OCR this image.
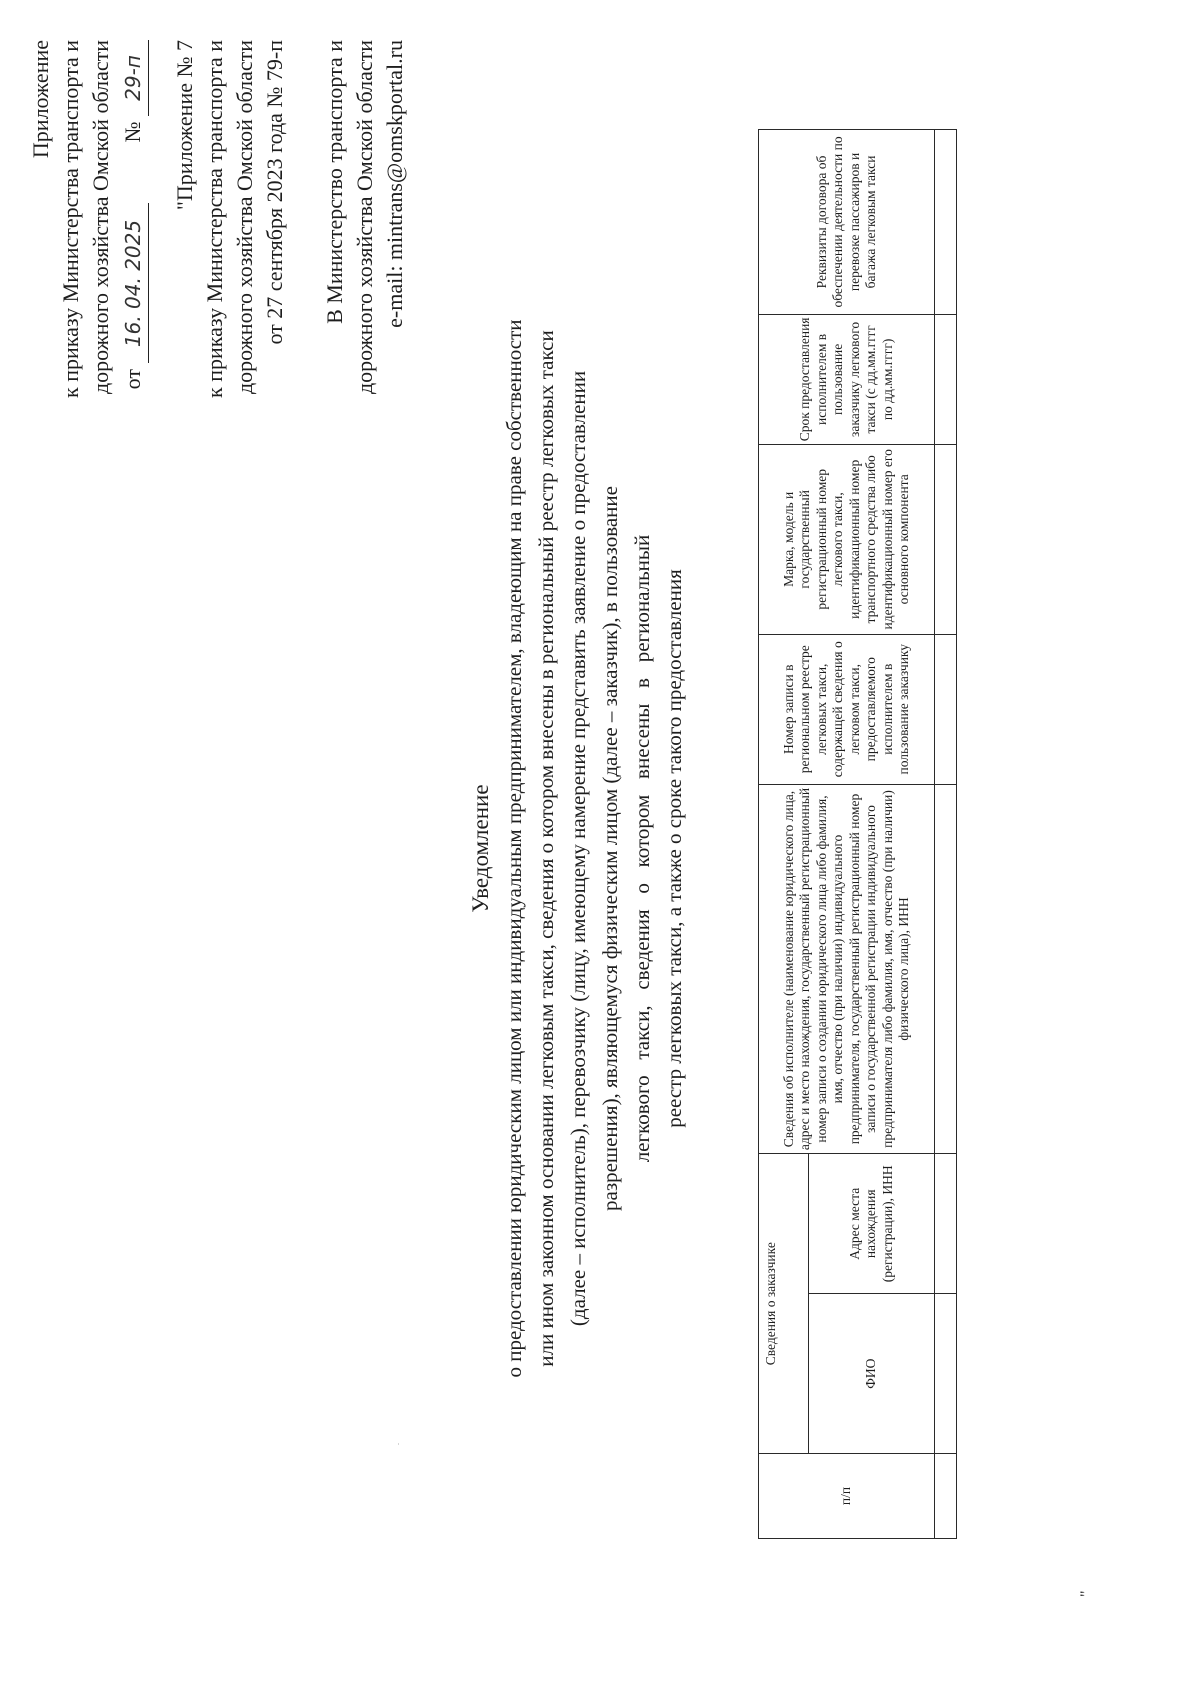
Приложение к приказу Министерства транспорта и дорожного хозяйства Омской области от 16. 04. 2025  № 29-п "Приложение № 7 к приказу Министерства транспорта и дорожного хозяйства Омской области от 27 сентября 2023 года № 79-п В Министерство транспорта и дорожного хозяйства Омской области e-mail: mintrans@omskportal.ru
Уведомление о предоставлении юридическим лицом или индивидуальным предпринимателем, владеющим на праве собственности или ином законном основании легковым такси, сведения о котором внесены в региональный реестр легковых такси (далее – исполнитель), перевозчику (лицу, имеющему намерение представить заявление о предоставлении разрешения), являющемуся физическим лицом (далее – заказчик), в пользование легкового   такси,   сведения   о   котором   внесены   в   региональный реестр легковых такси, а также о сроке такого предоставления
п/п	Сведения о заказчике		Сведения об исполнителе (наименование юридического лица, адрес и место нахождения, государственный регистрационный номер записи о создании юридического лица либо фамилия, имя, отчество (при наличии) индивидуального предпринимателя, государственный регистрационный номер записи о государственной регистрации индивидуального предпринимателя либо фамилия, имя, отчество (при наличии) физического лица), ИНН	Номер записи в региональном реестре легковых такси, содержащей сведения о легковом такси, предоставляемого исполнителем в пользование заказчику	Марка, модель и государственный регистрационный номер легкового такси, идентификационный номер транспортного средства либо идентификационный номер его основного компонента	Срок предоставления исполнителем в пользование заказчику легкового такси (с дд.мм.гггг по дд.мм.гггг)	Реквизиты договора об обеспечении деятельности по перевозке пассажиров и багажа легковым такси
	ФИО	Адрес места нахождения (регистрации), ИНН					

"
.
